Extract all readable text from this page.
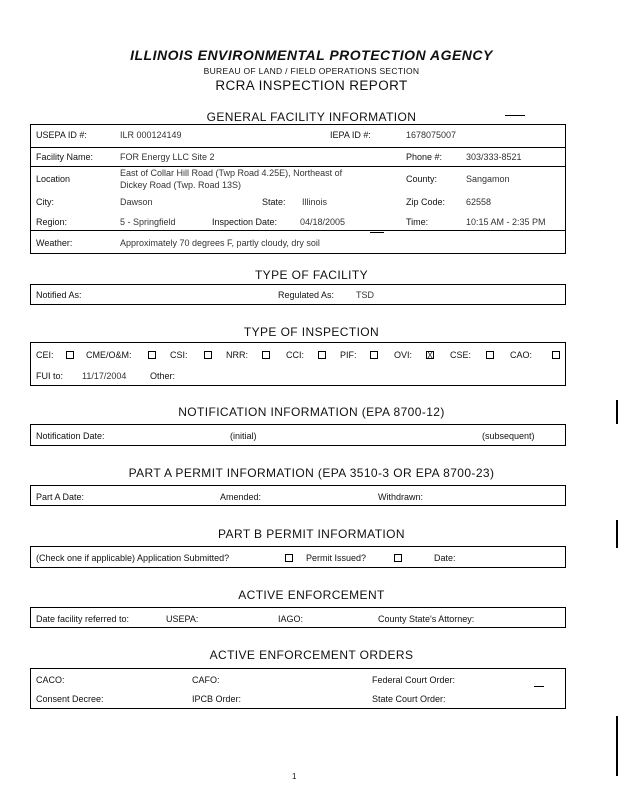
ILLINOIS ENVIRONMENTAL PROTECTION AGENCY
BUREAU OF LAND / FIELD OPERATIONS SECTION
RCRA INSPECTION REPORT
GENERAL FACILITY INFORMATION
USEPA ID #:	ILR 000124149	IEPA ID #:	1678075007
Facility Name:	FOR Energy LLC Site 2	Phone #:	303/333-8521
Location
East of Collar Hill Road (Twp Road 4.25E), Northeast of
Dickey Road (Twp. Road 13S)
County:	Sangamon
City:	Dawson	State: Illinois	Zip Code: 62558
Region:	5 - Springfield	Inspection Date:	04/18/2005	Time:	10:15 AM - 2:35 PM
Weather:	Approximately 70 degrees F, partly cloudy, dry soil
TYPE OF FACILITY
Notified As:	Regulated As: TSD
TYPE OF INSPECTION
CEI:	CME/O&M:	CSI:	NRR:	CCI:	PIF:	OVI: X CSE:	CAO:
FUI to: 11/17/2004	Other:
NOTIFICATION INFORMATION (EPA 8700-12)
Notification Date:	(initial)	(subsequent)
PART A PERMIT INFORMATION (EPA 3510-3 OR EPA 8700-23)
Part A Date:	Amended:	Withdrawn:
PART B PERMIT INFORMATION
(Check one if applicable) Application Submitted?	Permit Issued?	Date:
ACTIVE ENFORCEMENT
Date facility referred to:	USEPA:	IAGO:	County State's Attorney:
ACTIVE ENFORCEMENT ORDERS
CACO:	CAFO:	Federal Court Order:
Consent Decree:	IPCB Order:	State Court Order:
1
